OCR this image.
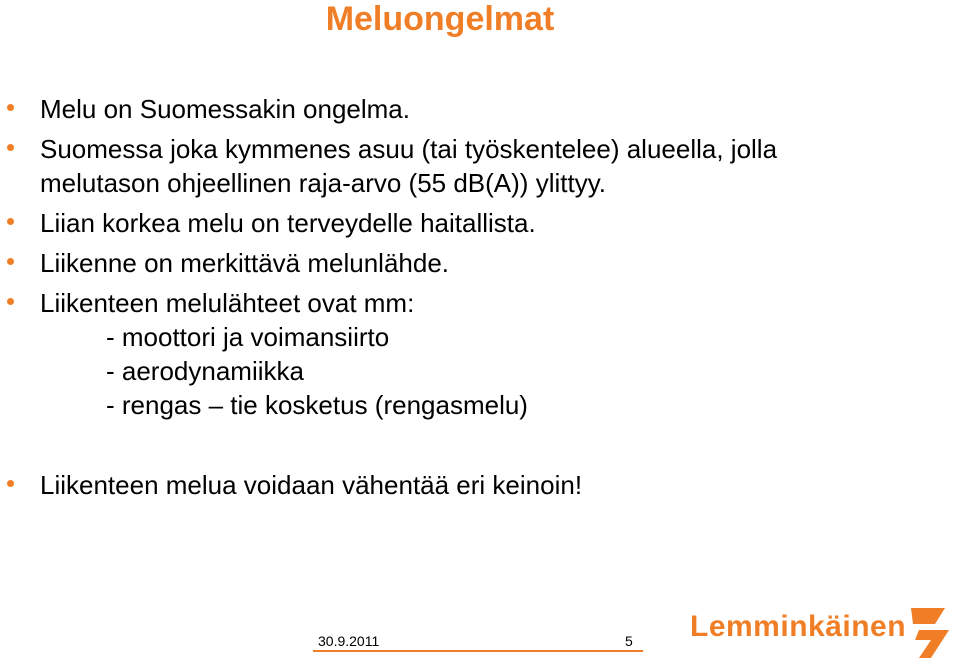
Meluongelmat
Melu on Suomessakin ongelma.
Suomessa joka kymmenes asuu (tai työskentelee) alueella, jolla
melutason ohjeellinen raja-arvo (55 dB(A)) ylittyy.
Liian korkea melu on terveydelle haitallista.
Liikenne on merkittävä melunlähde.
Liikenteen melulähteet ovat mm:
- moottori ja voimansiirto
- aerodynamiikka
- rengas – tie kosketus (rengasmelu)
Liikenteen melua voidaan vähentää eri keinoin!
30.9.2011	5 Lemminkäinen
